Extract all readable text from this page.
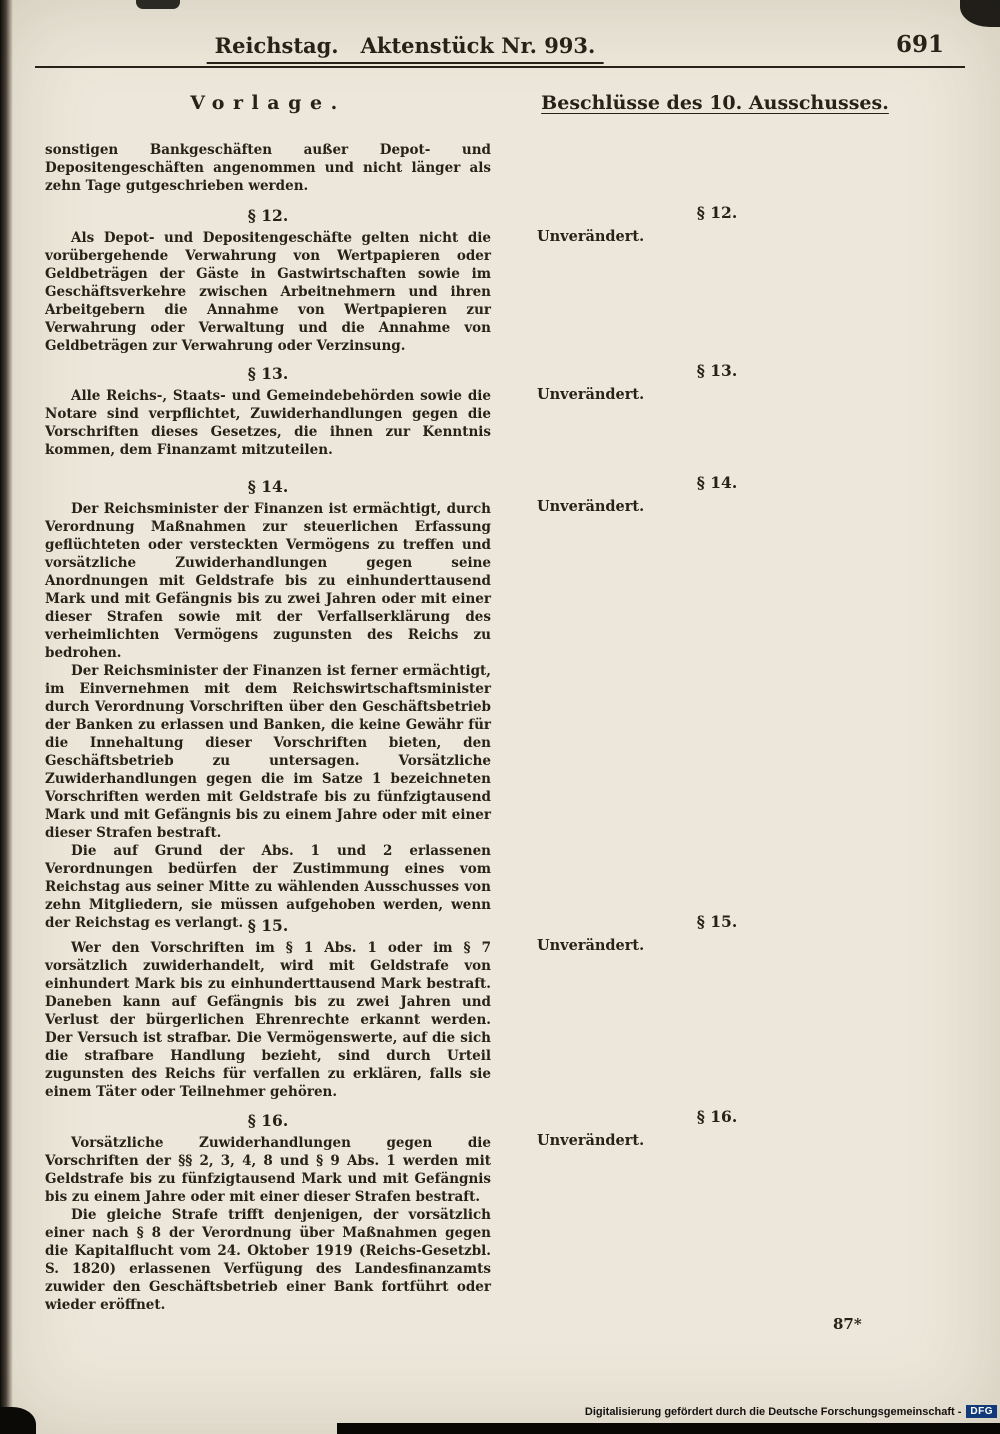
Reichstag. Aktenstück Nr. 993.	691
Vorlage.	Beschlüsse des 10. Ausschusses.

sonstigen Bankgeschäften außer Depot- und Depositengeschäften angenommen und nicht länger als zehn Tage gutgeschrieben werden.

§ 12.

Als Depot- und Depositengeschäfte gelten nicht die vorübergehende Verwahrung von Wertpapieren oder Geldbeträgen der Gäste in Gastwirtschaften sowie im Geschäftsverkehre zwischen Arbeitnehmern und ihren Arbeitgebern die Annahme von Wertpapieren zur Verwahrung oder Verwaltung und die Annahme von Geldbeträgen zur Verwahrung oder Verzinsung.

§ 12.
Unverändert.
§ 13.

Alle Reichs-, Staats- und Gemeindebehörden sowie die Notare sind verpflichtet, Zuwiderhandlungen gegen die Vorschriften dieses Gesetzes, die ihnen zur Kenntnis kommen, dem Finanzamt mitzuteilen.

§ 13.
Unverändert.
§ 14.

Der Reichsminister der Finanzen ist ermächtigt, durch Verordnung Maßnahmen zur steuerlichen Erfassung geflüchteten oder versteckten Vermögens zu treffen und vorsätzliche Zuwiderhandlungen gegen seine Anordnungen mit Geldstrafe bis zu einhunderttausend Mark und mit Gefängnis bis zu zwei Jahren oder mit einer dieser Strafen sowie mit der Verfallserklärung des verheimlichten Vermögens zugunsten des Reichs zu bedrohen.

Der Reichsminister der Finanzen ist ferner ermächtigt, im Einvernehmen mit dem Reichswirtschaftsminister durch Verordnung Vorschriften über den Geschäftsbetrieb der Banken zu erlassen und Banken, die keine Gewähr für die Innehaltung dieser Vorschriften bieten, den Geschäftsbetrieb zu untersagen. Vorsätzliche Zuwiderhandlungen gegen die im Satze 1 bezeichneten Vorschriften werden mit Geldstrafe bis zu fünfzigtausend Mark und mit Gefängnis bis zu einem Jahre oder mit einer dieser Strafen bestraft.

Die auf Grund der Abs. 1 und 2 erlassenen Verordnungen bedürfen der Zustimmung eines vom Reichstag aus seiner Mitte zu wählenden Ausschusses von zehn Mitgliedern, sie müssen aufgehoben werden, wenn der Reichstag es verlangt.

§ 14.
Unverändert.
§ 15.

Wer den Vorschriften im § 1 Abs. 1 oder im § 7 vorsätzlich zuwiderhandelt, wird mit Geldstrafe von einhundert Mark bis zu einhunderttausend Mark bestraft. Daneben kann auf Gefängnis bis zu zwei Jahren und Verlust der bürgerlichen Ehrenrechte erkannt werden. Der Versuch ist strafbar. Die Vermögenswerte, auf die sich die strafbare Handlung bezieht, sind durch Urteil zugunsten des Reichs für verfallen zu erklären, falls sie einem Täter oder Teilnehmer gehören.

§ 15.
Unverändert.
§ 16.

Vorsätzliche Zuwiderhandlungen gegen die Vorschriften der §§ 2, 3, 4, 8 und § 9 Abs. 1 werden mit Geldstrafe bis zu fünfzigtausend Mark und mit Gefängnis bis zu einem Jahre oder mit einer dieser Strafen bestraft.

Die gleiche Strafe trifft denjenigen, der vorsätzlich einer nach § 8 der Verordnung über Maßnahmen gegen die Kapitalflucht vom 24. Oktober 1919 (Reichs-Gesetzbl. S. 1820) erlassenen Verfügung des Landesfinanzamts zuwider den Geschäftsbetrieb einer Bank fortführt oder wieder eröffnet.

§ 16.
Unverändert.
87*
Digitalisierung gefördert durch die Deutsche Forschungsgemeinschaft - DFG
